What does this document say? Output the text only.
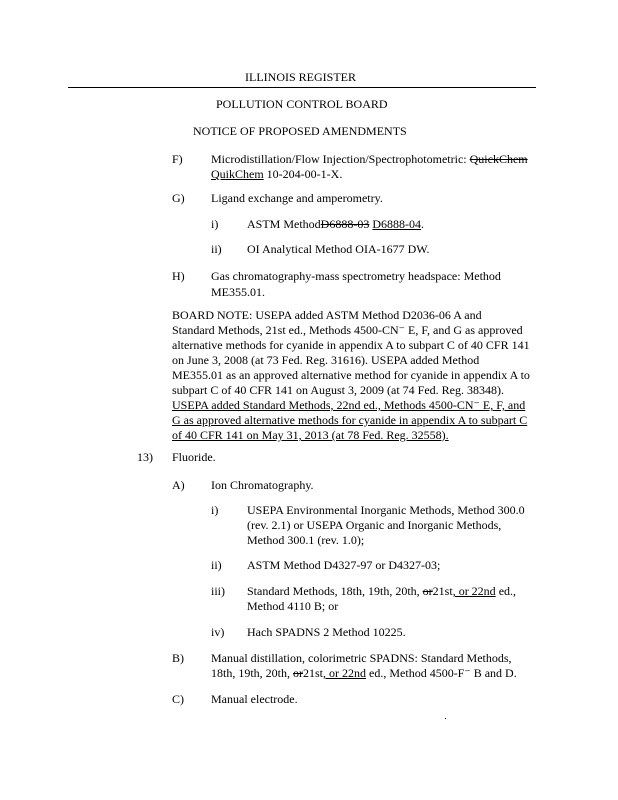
ILLINOIS REGISTER
POLLUTION CONTROL BOARD
NOTICE OF PROPOSED AMENDMENTS
F) Microdistillation/Flow Injection/Spectrophotometric: QuickChem
QuikChem 10-204-00-1-X.
G) Ligand exchange and amperometry.
i) ASTM MethodD6888-03 D6888-04.
ii) OI Analytical Method OIA-1677 DW.
H) Gas chromatography-mass spectrometry headspace: Method
ME355.01.
BOARD NOTE: USEPA added ASTM Method D2036-06 A and
Standard Methods, 21st ed., Methods 4500-CN⁻ E, F, and G as approved
alternative methods for cyanide in appendix A to subpart C of 40 CFR 141
on June 3, 2008 (at 73 Fed. Reg. 31616). USEPA added Method
ME355.01 as an approved alternative method for cyanide in appendix A to
subpart C of 40 CFR 141 on August 3, 2009 (at 74 Fed. Reg. 38348).
USEPA added Standard Methods, 22nd ed., Methods 4500-CN⁻ E, F, and
G as approved alternative methods for cyanide in appendix A to subpart C
of 40 CFR 141 on May 31, 2013 (at 78 Fed. Reg. 32558).
13) Fluoride.
A) Ion Chromatography.
i) USEPA Environmental Inorganic Methods, Method 300.0
(rev. 2.1) or USEPA Organic and Inorganic Methods,
Method 300.1 (rev. 1.0);
ii) ASTM Method D4327-97 or D4327-03;
iii) Standard Methods, 18th, 19th, 20th, or21st, or 22nd ed.,
Method 4110 B; or
iv) Hach SPADNS 2 Method 10225.
B) Manual distillation, colorimetric SPADNS: Standard Methods,
18th, 19th, 20th, or21st, or 22nd ed., Method 4500-F⁻ B and D.
C) Manual electrode.
